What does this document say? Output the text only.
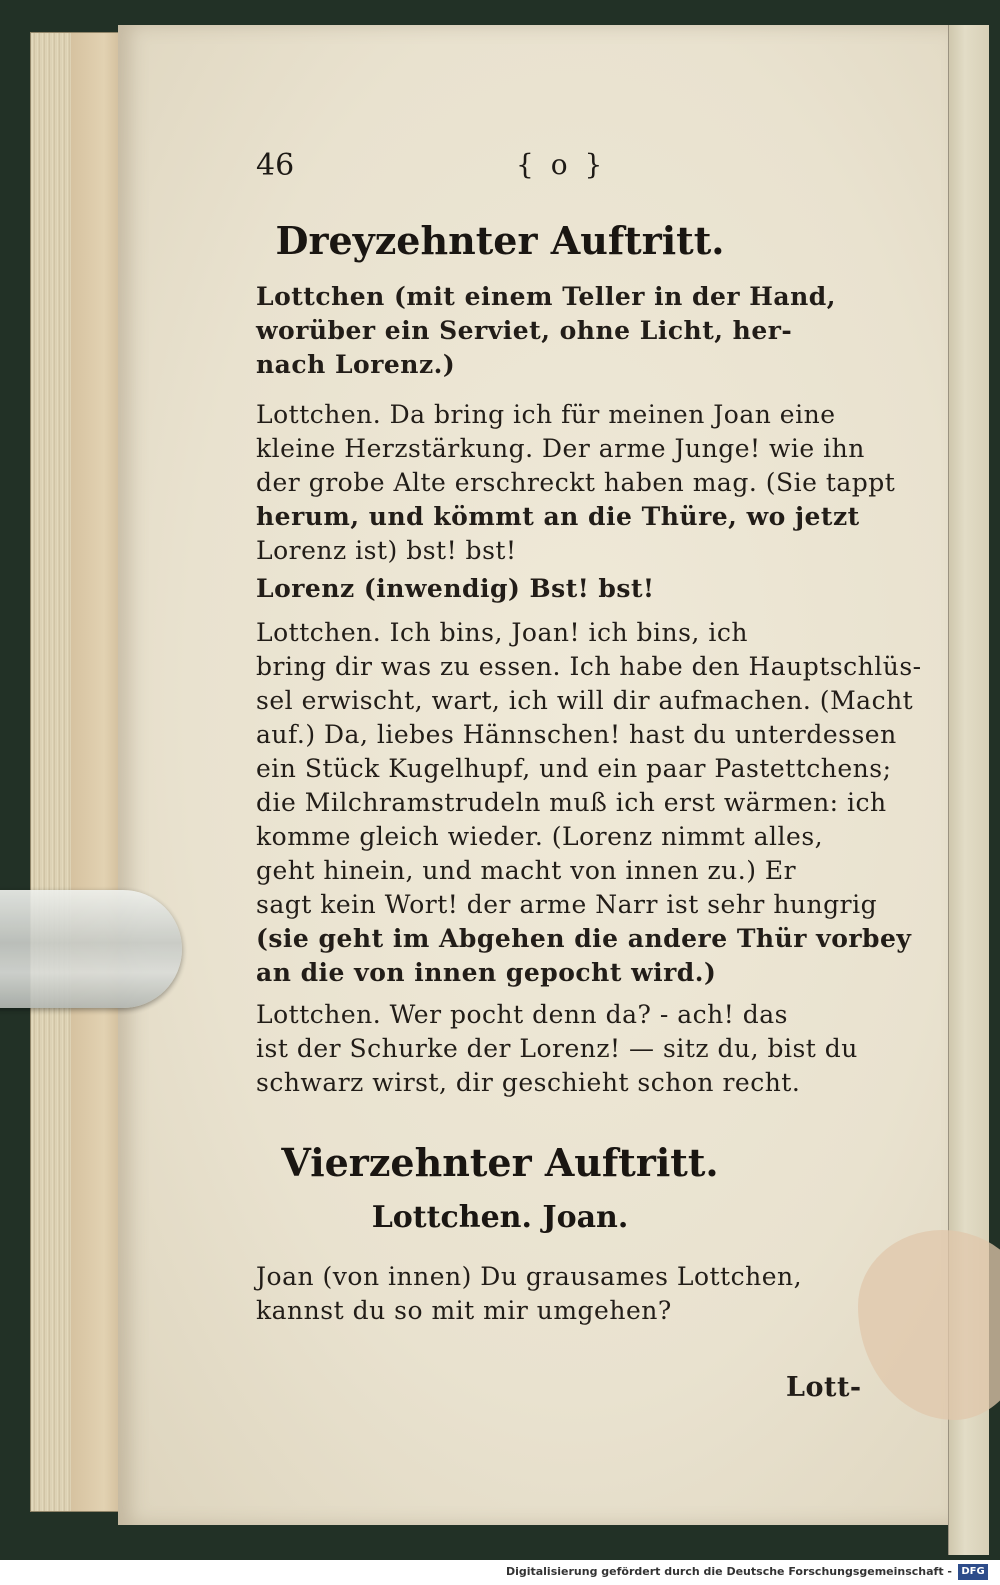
46	{ o }
Dreyzehnter Auftritt.
Lottchen (mit einem Teller in der Hand,
worüber ein Serviet, ohne Licht, her-
nach Lorenz.)
Lottchen. Da bring ich für meinen Joan eine
kleine Herzstärkung. Der arme Junge! wie ihn
der grobe Alte erschreckt haben mag. (Sie tappt
herum, und kömmt an die Thüre, wo jetzt
Lorenz ist) bst! bst!
Lorenz (inwendig) Bst! bst!
Lottchen. Ich bins, Joan! ich bins, ich
bring dir was zu essen. Ich habe den Hauptschlüs-
sel erwischt, wart, ich will dir aufmachen. (Macht
auf.) Da, liebes Hännschen! hast du unterdessen
ein Stück Kugelhupf, und ein paar Pastettchens;
die Milchramstrudeln muß ich erst wärmen: ich
komme gleich wieder. (Lorenz nimmt alles,
geht hinein, und macht von innen zu.) Er
sagt kein Wort! der arme Narr ist sehr hungrig
(sie geht im Abgehen die andere Thür vorbey
an die von innen gepocht wird.)
Lottchen. Wer pocht denn da? - ach! das
ist der Schurke der Lorenz! — sitz du, bist du
schwarz wirst, dir geschieht schon recht.
Vierzehnter Auftritt.
Lottchen. Joan.
Joan (von innen) Du grausames Lottchen,
kannst du so mit mir umgehen?
Lott-
Digitalisierung gefördert durch die Deutsche Forschungsgemeinschaft - DFG
